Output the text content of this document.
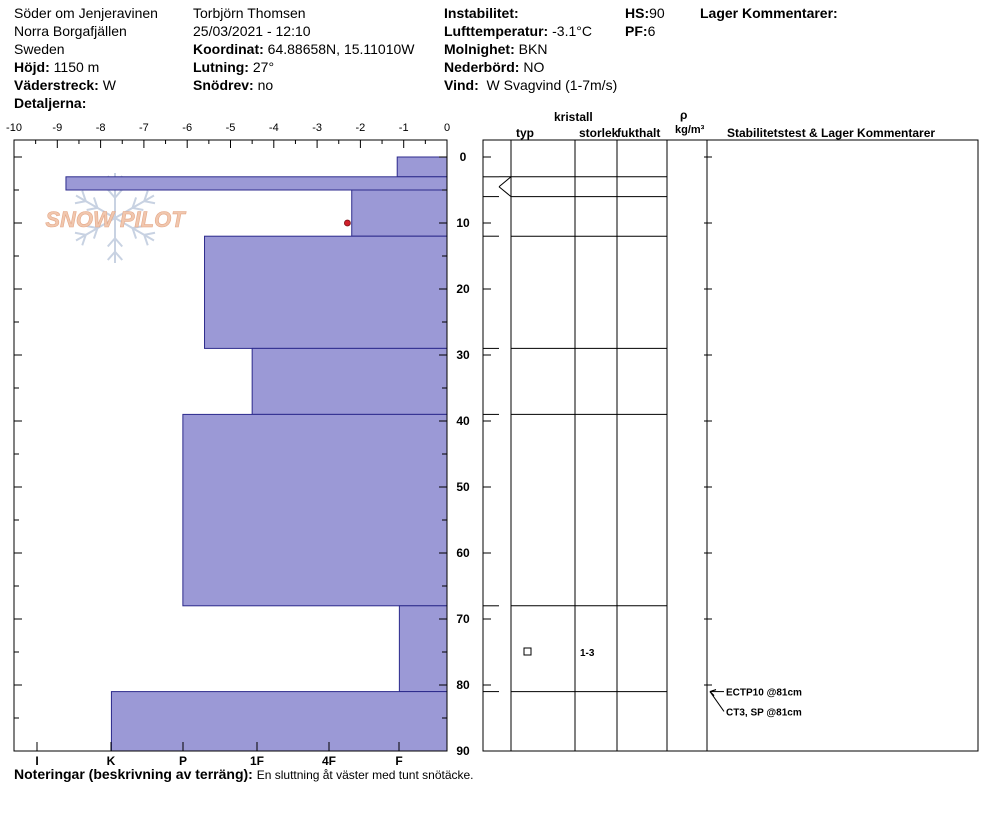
Söder om Jenjeravinen
Norra Borgafjällen
Sweden
Höjd: 1150 m
Väderstreck: W
Detaljerna:
Torbjörn Thomsen
25/03/2021 - 12:10
Koordinat: 64.88658N, 15.11010W
Lutning: 27°
Snödrev: no
Instabilitet:
Lufttemperatur: -3.1°C
Molnighet: BKN
Nederbörd: NO
Vind: W Svagvind (1-7m/s)
HS:90
PF:6
Lager Kommentarer:
kristall
typ	storlek
fukthalt
ρ
kg/m³ Stabilitetstest & Lager Kommentarer
SNOW PILOT
-10	-9	-8	-7	-6	-5	-4	-3	-2	-1	0
0
10
20
30
40
50
60
70
80
90
I	K	P	1F	4F	F
1-3
ECTP10 @81cm
CT3, SP @81cm
Noteringar (beskrivning av terräng): En sluttning åt väster med tunt snötäcke.
